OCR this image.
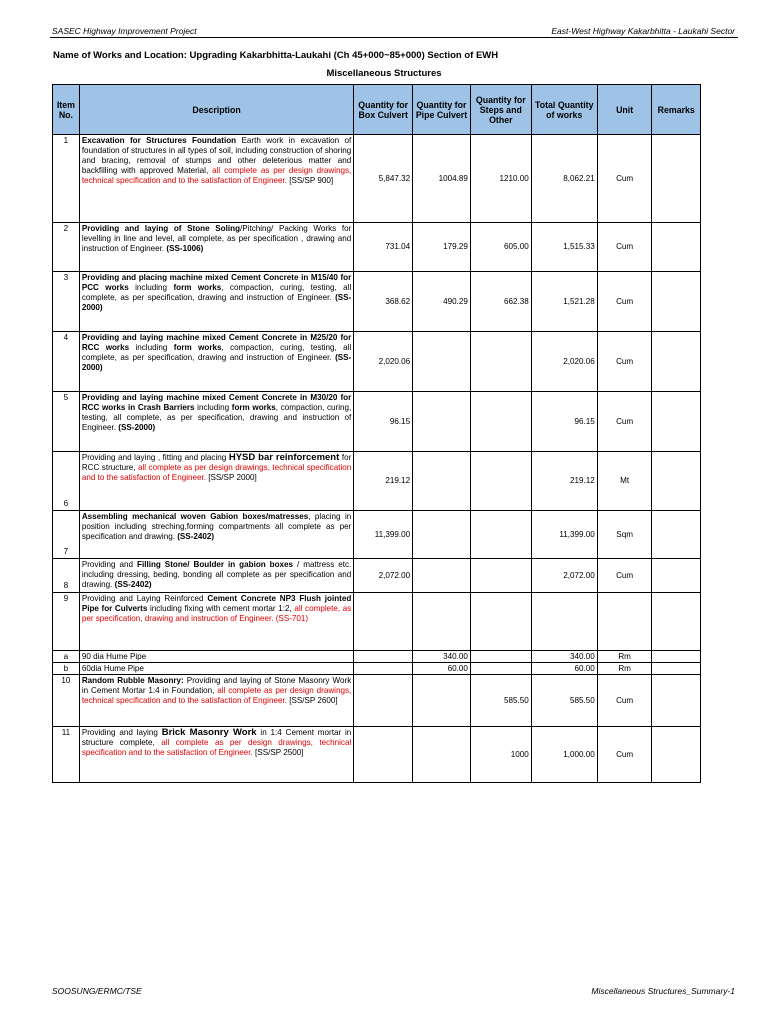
SASEC Highway Improvement Project	East-West Highway Kakarbhitta - Laukahi Sector
Name of Works and Location: Upgrading Kakarbhitta-Laukahi (Ch 45+000~85+000) Section of EWH
Miscellaneous Structures
Item No.	Description	Quantity for Box Culvert	Quantity for Pipe Culvert	Quantity for Steps and Other	Total Quantity of works	Unit	Remarks
1	Excavation for Structures Foundation Earth work in excavation of foundation of structures in all types of soil, including construction of shoring and bracing, removal of stumps and other deleterious matter and backfilling with approved Material, all complete as per design drawings, technical specification and to the satisfaction of Engineer. [SS/SP 900]	5,847.32	1004.89	1210.00	8,062.21	Cum	
2	Providing and laying of Stone Soling/Pitching/ Packing Works for levelling in line and level, all complete, as per specification , drawing and instruction of Engineer. (SS-1006)	731.04	179.29	605.00	1,515.33	Cum	
3	Providing and placing machine mixed Cement Concrete in M15/40 for PCC works including form works, compaction, curing, testing, all complete, as per specification, drawing and instruction of Engineer. (SS-2000)	368.62	490.29	662.38	1,521.28	Cum	
4	Providing and laying machine mixed Cement Concrete in M25/20 for RCC works including form works, compaction, curing, testing, all complete, as per specification, drawing and instruction of Engineer. (SS-2000)	2,020.06			2,020.06	Cum	
5	Providing and laying machine mixed Cement Concrete in M30/20 for RCC works in Crash Barriers including form works, compaction, curing, testing, all complete, as per specification, drawing and instruction of Engineer. (SS-2000)	96.15			96.15	Cum	
6	Providing and laying , fitting and placing HYSD bar reinforcement for RCC structure, all complete as per design drawings, technical specification and to the satisfaction of Engineer. [SS/SP 2000]	219.12			219.12	Mt	
7	Assembling mechanical woven Gabion boxes/matresses, placing in position including streching,forming compartments all complete as per specification and drawing. (SS-2402)	11,399.00			11,399.00	Sqm	
8	Providing and Filling Stone/ Boulder in gabion boxes / mattress etc. including dressing, beding, bonding all complete as per specification and drawing. (SS-2402)	2,072.00			2,072.00	Cum	
9	Providing and Laying Reinforced Cement Concrete NP3 Flush jointed Pipe for Culverts including fixing with cement mortar 1:2, all complete, as per specification, drawing and instruction of Engineer. (SS-701)						
a	90 dia Hume Pipe		340.00		340.00	Rm	
b	60dia Hume Pipe		60.00		60.00	Rm	
10	Random Rubble Masonry: Providing and laying of Stone Masonry Work in Cement Mortar 1:4 in Foundation, all complete as per design drawings, technical specification and to the satisfaction of Engineer. [SS/SP 2600]			585.50	585.50	Cum	
11	Providing and laying Brick Masonry Work in 1:4 Cement mortar in structure complete, all complete as per design drawings, technical specification and to the satisfaction of Engineer. [SS/SP 2500]			1000	1,000.00	Cum	
SOOSUNG/ERMC/TSE	Miscellaneous Structures_Summary-1
